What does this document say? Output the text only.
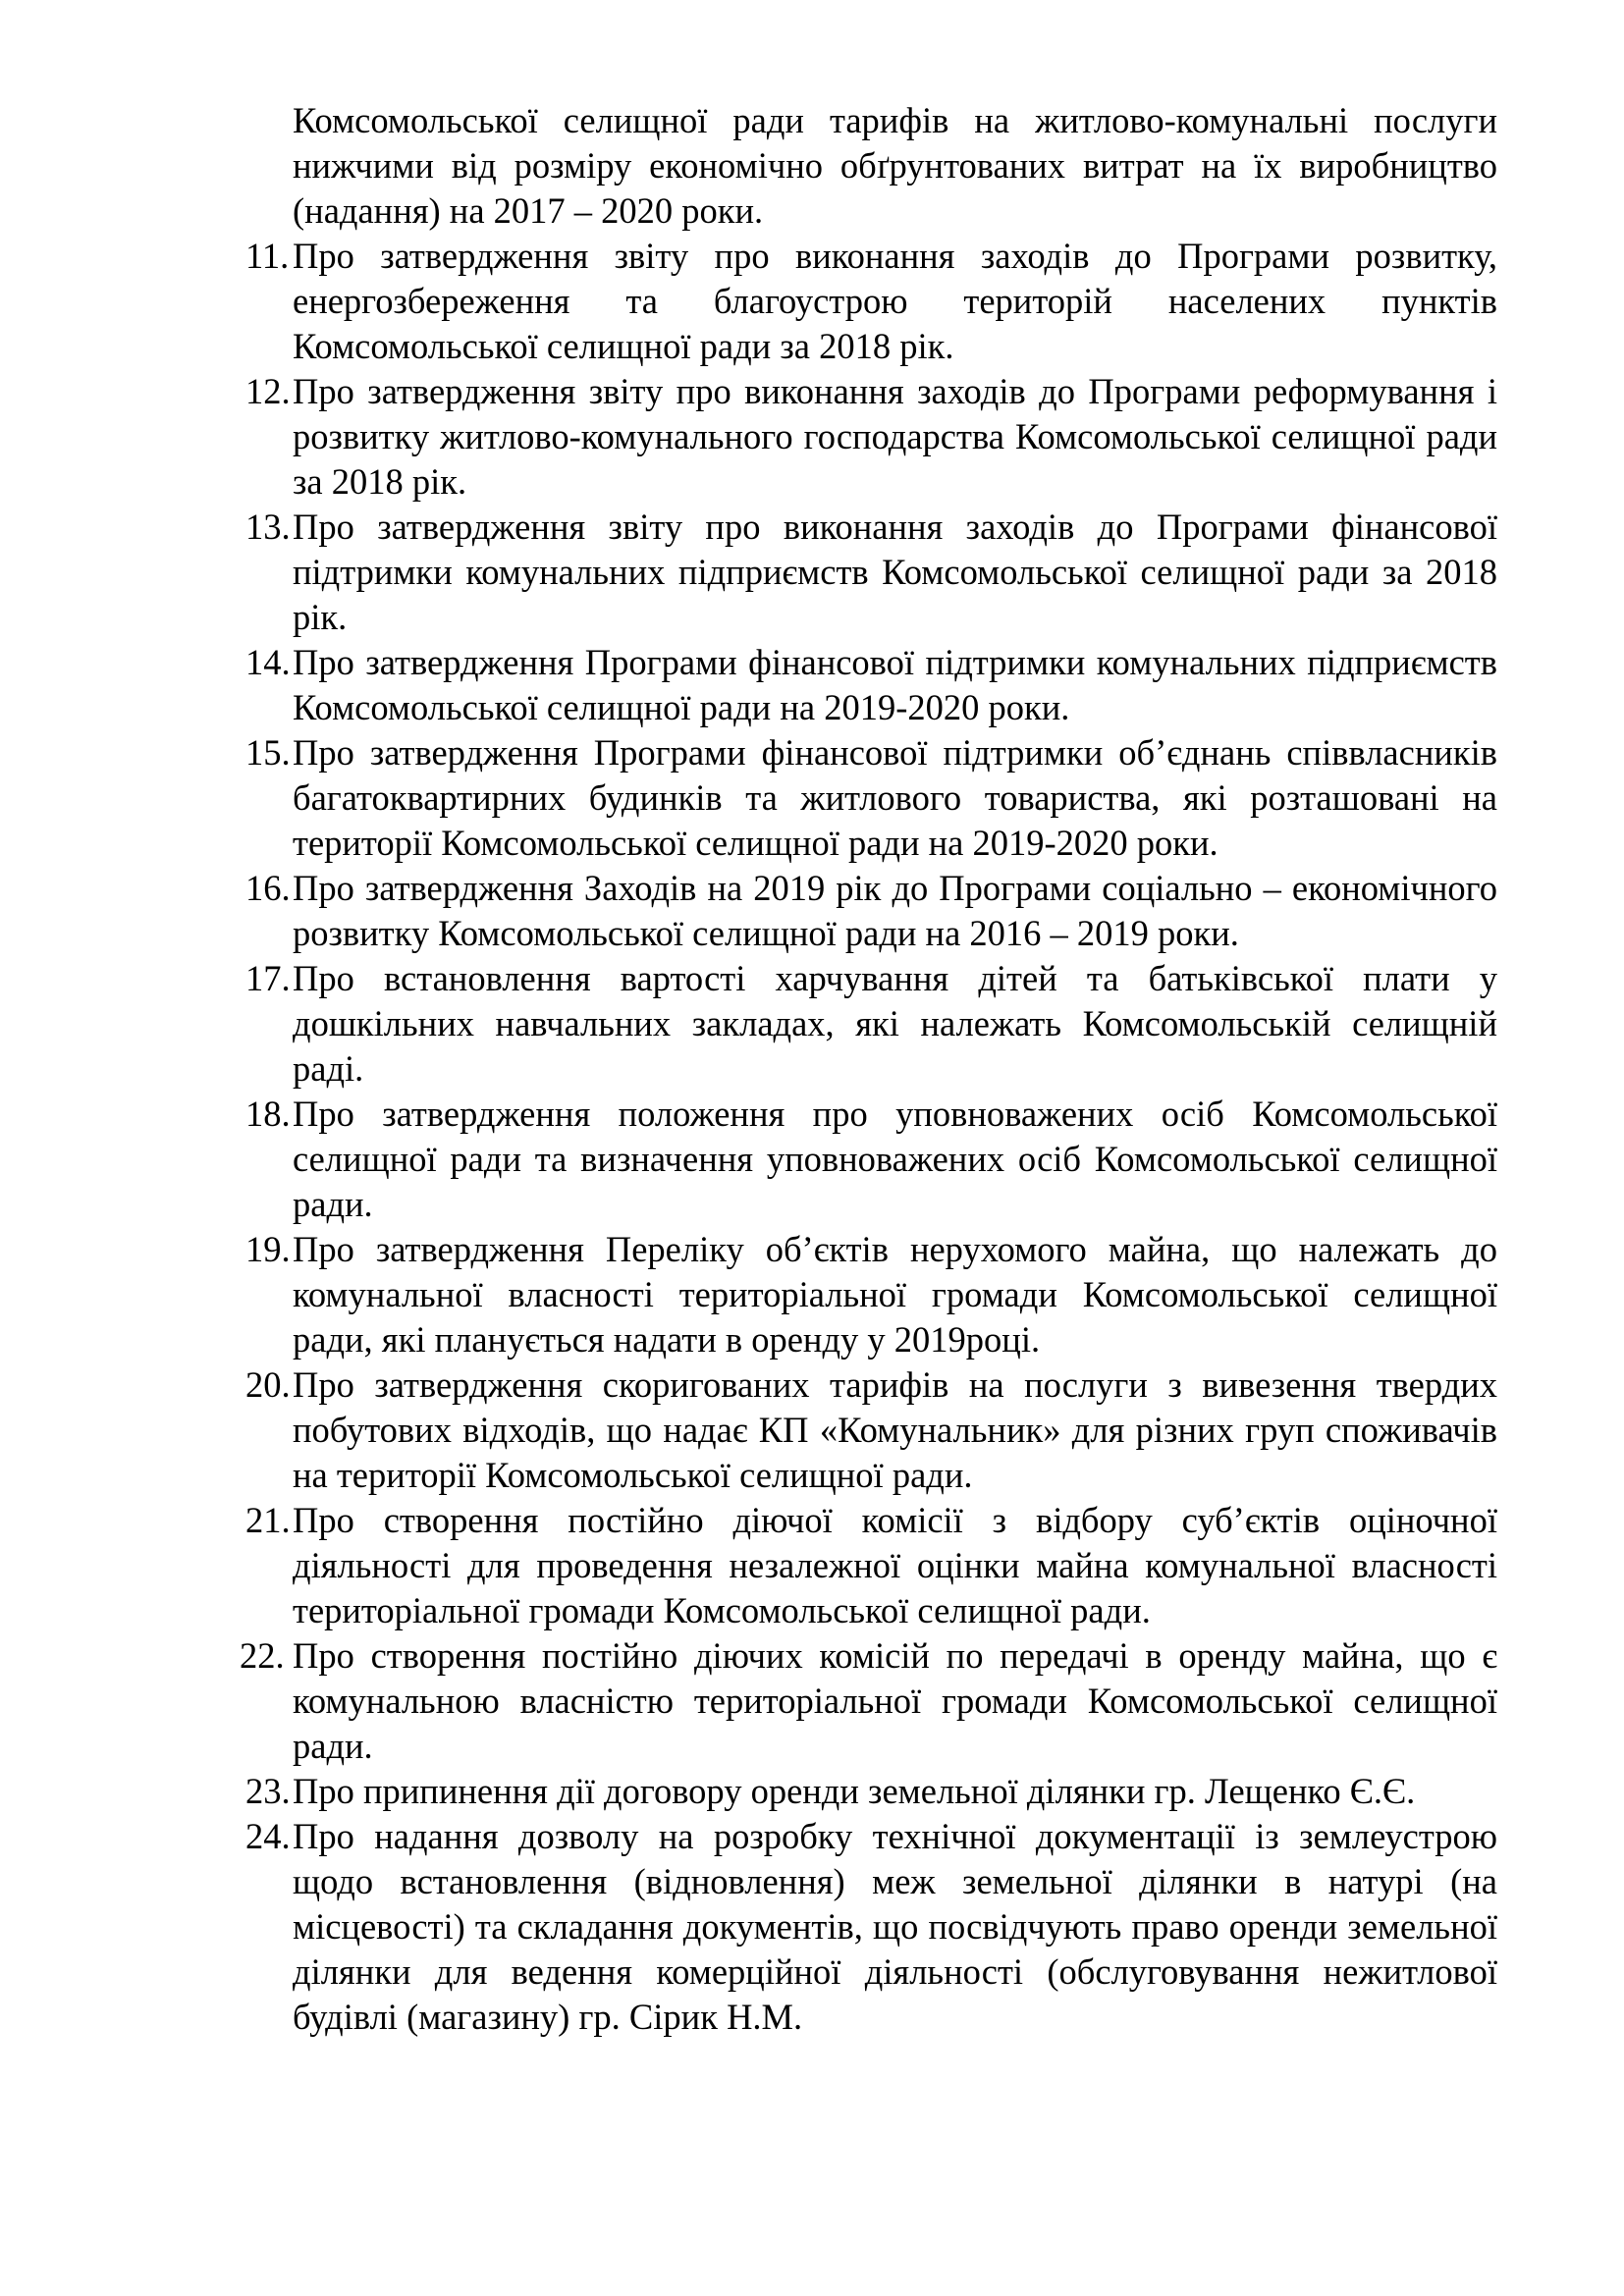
Комсомольської селищної ради тарифів на житлово-комунальні послуги нижчими від розміру економічно обґрунтованих витрат на їх виробництво (надання) на 2017 – 2020 роки.

11. Про затвердження звіту про виконання заходів до Програми розвитку, енергозбереження та благоустрою територій населених пунктів Комсомольської селищної ради за 2018 рік.
12. Про затвердження звіту про виконання заходів до Програми реформування і розвитку житлово-комунального господарства Комсомольської селищної ради за 2018 рік.
13. Про затвердження звіту про виконання заходів до Програми фінансової підтримки комунальних підприємств Комсомольської селищної ради за 2018 рік.
14. Про затвердження Програми фінансової підтримки комунальних підприємств Комсомольської селищної ради на 2019-2020 роки.
15. Про затвердження Програми фінансової підтримки об’єднань співвласників багатоквартирних будинків та житлового товариства, які розташовані на території Комсомольської селищної ради на 2019-2020 роки.
16. Про затвердження Заходів на 2019 рік до Програми соціально – економічного розвитку Комсомольської селищної ради на 2016 – 2019 роки.
17. Про встановлення вартості харчування дітей та батьківської плати у дошкільних навчальних закладах, які належать Комсомольській селищній раді.
18. Про затвердження положення про уповноважених осіб Комсомольської селищної ради та визначення уповноважених осіб Комсомольської селищної ради.
19. Про затвердження Переліку об’єктів нерухомого майна, що належать до комунальної власності територіальної громади Комсомольської селищної ради, які планується надати в оренду у 2019році.
20. Про затвердження скоригованих тарифів на послуги з вивезення твердих побутових відходів, що надає КП «Комунальник» для різних груп споживачів на території Комсомольської селищної ради.
21. Про створення постійно діючої комісії з відбору суб’єктів оціночної діяльності для проведення незалежної оцінки майна комунальної власності територіальної громади Комсомольської селищної ради.
22. Про створення постійно діючих комісій по передачі в оренду майна, що є комунальною власністю територіальної громади Комсомольської селищної ради.
23. Про припинення дії договору оренди земельної ділянки гр. Лещенко Є.Є.
24. Про надання дозволу на розробку технічної документації із землеустрою щодо встановлення (відновлення) меж земельної ділянки в натурі (на місцевості) та складання документів, що посвідчують право оренди земельної ділянки для ведення комерційної діяльності (обслуговування нежитлової будівлі (магазину) гр. Сірик Н.М.
